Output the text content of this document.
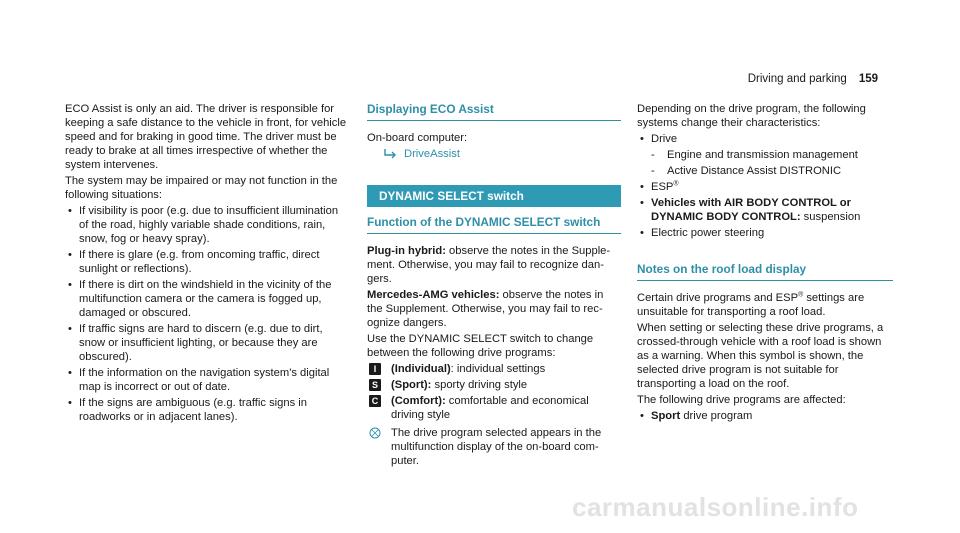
Driving and parking 159

ECO Assist is only an aid. The driver is responsible for keeping a safe distance to the vehicle in front, for vehicle speed and for braking in good time. The driver must be ready to brake at all times irrespective of whether the system intervenes.

The system may be impaired or may not function in the following situations:

• If visibility is poor (e.g. due to insufficient illumination of the road, highly variable shade conditions, rain, snow, fog or heavy spray).
• If there is glare (e.g. from oncoming traffic, direct sunlight or reflections).
• If there is dirt on the windshield in the vicinity of the multifunction camera or the camera is fogged up, damaged or obscured.
• If traffic signs are hard to discern (e.g. due to dirt, snow or insufficient lighting, or because they are obscured).
• If the information on the navigation system's digital map is incorrect or out of date.
• If the signs are ambiguous (e.g. traffic signs in roadworks or in adjacent lanes).
Displaying ECO Assist

On-board computer:

DriveAssist
DYNAMIC SELECT switch
Function of the DYNAMIC SELECT switch

Plug-in hybrid: observe the notes in the Supplement. Otherwise, you may fail to recognize dangers.

Mercedes-AMG vehicles: observe the notes in the Supplement. Otherwise, you may fail to recognize dangers.

Use the DYNAMIC SELECT switch to change between the following drive programs:

I	(Individual): individual settings
S (Sport): sporty driving style
C (Comfort): comfortable and economical driving style
The drive program selected appears in the multifunction display of the on-board computer.

Depending on the drive program, the following systems change their characteristics:

• Drive
- Engine and transmission management
- Active Distance Assist DISTRONIC
• ESP®
• Vehicles with AIR BODY CONTROL or DYNAMIC BODY CONTROL: suspension
• Electric power steering
Notes on the roof load display

Certain drive programs and ESP® settings are unsuitable for transporting a roof load.

When setting or selecting these drive programs, a crossed-through vehicle with a roof load is shown as a warning. When this symbol is shown, the selected drive program is not suitable for transporting a load on the roof.

The following drive programs are affected:

• Sport drive program
carmanualsonline.info
